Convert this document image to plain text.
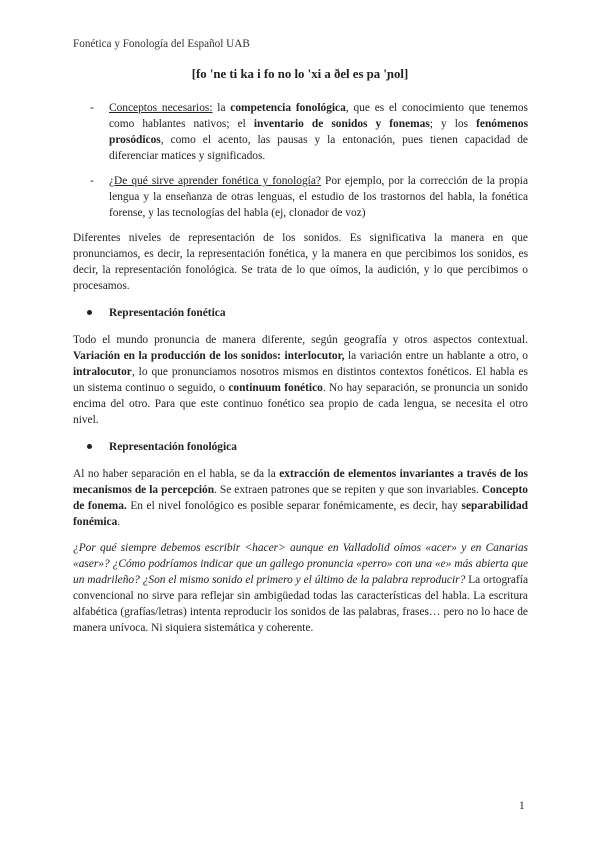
Fonética y Fonología del Español UAB
[fo 'ne ti ka i fo no lo 'xi a ðel es pa 'ɲol]
- Conceptos necesarios: la competencia fonológica, que es el conocimiento que tenemos como hablantes nativos; el inventario de sonidos y fonemas; y los fenómenos prosódicos, como el acento, las pausas y la entonación, pues tienen capacidad de diferenciar matices y significados.
- ¿De qué sirve aprender fonética y fonología? Por ejemplo, por la corrección de la propia lengua y la enseñanza de otras lenguas, el estudio de los trastornos del habla, la fonética forense, y las tecnologías del habla (ej, clonador de voz)

Diferentes niveles de representación de los sonidos. Es significativa la manera en que pronunciamos, es decir, la representación fonética, y la manera en que percibimos los sonidos, es decir, la representación fonológica. Se trata de lo que oímos, la audición, y lo que percibimos o procesamos.

Representación fonética

Todo el mundo pronuncia de manera diferente, según geografía y otros aspectos contextual. Variación en la producción de los sonidos: interlocutor, la variación entre un hablante a otro, o intralocutor, lo que pronunciamos nosotros mismos en distintos contextos fonéticos. El habla es un sistema continuo o seguido, o continuum fonético. No hay separación, se pronuncia un sonido encima del otro. Para que este continuo fonético sea propio de cada lengua, se necesita el otro nivel.

Representación fonológica

Al no haber separación en el habla, se da la extracción de elementos invariantes a través de los mecanismos de la percepción. Se extraen patrones que se repiten y que son invariables. Concepto de fonema. En el nivel fonológico es posible separar fonémicamente, es decir, hay separabilidad fonémica.

¿Por qué siempre debemos escribir <hacer> aunque en Valladolid oímos «acer» y en Canarias «aser»? ¿Cómo podríamos indicar que un gallego pronuncia «perro» con una «e» más abierta que un madrileño? ¿Son el mismo sonido el primero y el último de la palabra reproducir? La ortografía convencional no sirve para reflejar sin ambigüedad todas las características del habla. La escritura alfabética (grafías/letras) intenta reproducir los sonidos de las palabras, frases… pero no lo hace de manera unívoca. Ni siquiera sistemática y coherente.

1
